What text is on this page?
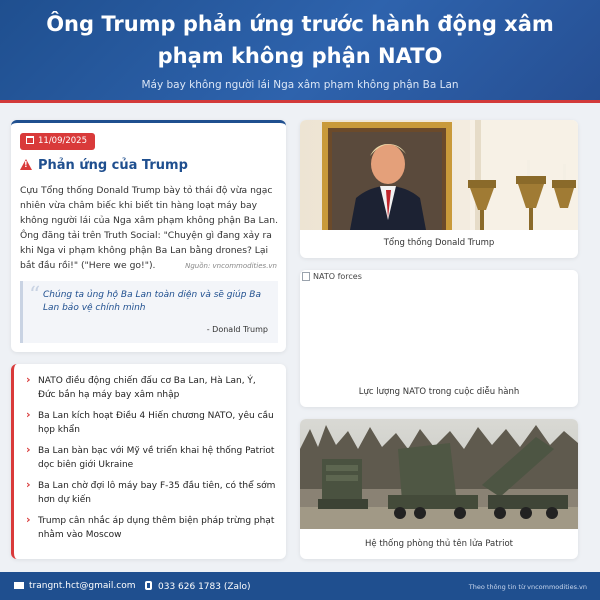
Ông Trump phản ứng trước hành động xâm phạm không phận NATO
Máy bay không người lái Nga xâm phạm không phận Ba Lan
11/09/2025
!Phản ứng của Trump
Cựu Tổng thống Donald Trump bày tỏ thái độ vừa ngạc nhiên vừa châm biếc khi biết tin hàng loạt máy bay không người lái của Nga xâm phạm không phận Ba Lan. Ông đăng tải trên Truth Social: "Chuyện gì đang xảy ra khi Nga vi phạm không phận Ba Lan bằng drones? Lại bắt đầu rồi!" ("Here we go!").	Nguồn: vncommodities.vn
“ Chúng ta ủng hộ Ba Lan toàn diện và sẽ giúp Ba Lan bảo vệ chính mình
- Donald Trump
› NATO điều động chiến đấu cơ Ba Lan, Hà Lan, Ý, Đức bắn hạ máy bay xâm nhập
› Ba Lan kích hoạt Điều 4 Hiến chương NATO, yêu cầu họp khẩn
› Ba Lan bàn bạc với Mỹ về triển khai hệ thống Patriot dọc biên giới Ukraine
› Ba Lan chờ đợi lô máy bay F-35 đầu tiên, có thể sớm hơn dự kiến
› Trump cân nhắc áp dụng thêm biện pháp trừng phạt nhằm vào Moscow
Tổng thống Donald Trump
NATO forces
Lực lượng NATO trong cuộc diễu hành
Hệ thống phòng thủ tên lửa Patriot
trangnt.hct@gmail.com	033 626 1783 (Zalo)	Theo thông tin từ vncommodities.vn
